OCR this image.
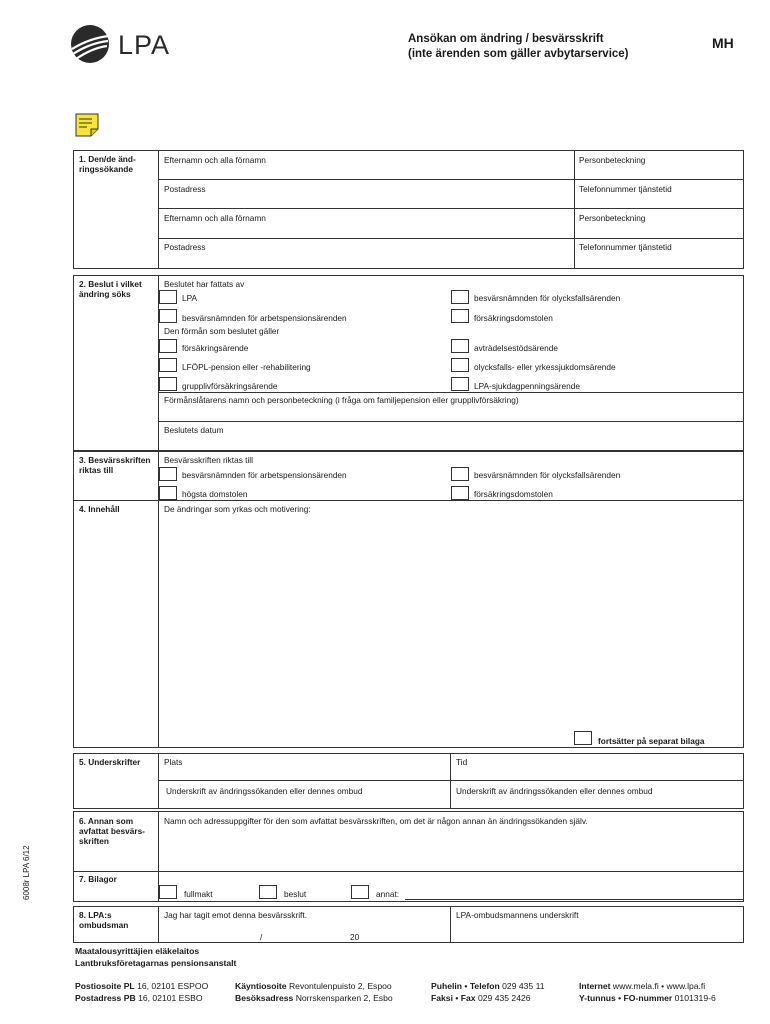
LPA	Ansökan om ändring / besvärsskrift
(inte ärenden som gäller avbytarservice)
MH
1. Den/de änd-ringssökande
Efternamn och alla förnamn	Personbeteckning
Postadress	Telefonnummer tjänstetid
Efternamn och alla förnamn	Personbeteckning
Postadress	Telefonnummer tjänstetid
2. Beslut i vilket ändring söks
Beslutet har fattats av
LPA	besvärsnämnden för olycksfallsärenden
besvärsnämnden för arbetspensionsärenden	försäkringsdomstolen
Den förmån som beslutet gäller
försäkringsärende	avträdelsestödsärende
LFÖPL-pension eller -rehabilitering	olycksfalls- eller yrkessjukdomsärende
grupplivförsäkringsärende	LPA-sjukdagpenningsärende
Förmånslåtarens namn och personbeteckning (i fråga om familjepension eller grupplivförsäkring)
Beslutets datum
3. Besvärsskriften riktas till
Besvärsskriften riktas till
besvärsnämnden för arbetspensionsärenden	besvärsnämnden för olycksfallsärenden
högsta domstolen	försäkringsdomstolen
4. Innehåll	De ändringar som yrkas och motivering:
fortsätter på separat bilaga
5. Underskrifter	Plats	Tid
Underskrift av ändringssökanden eller dennes ombud	Underskrift av ändringssökanden eller dennes ombud
6. Annan som avfattat besvärs-skriften
Namn och adressuppgifter för den som avfattat besvärsskriften, om det är någon annan än ändringssökanden själv.
7. Bilagor
fullmakt	beslut	annat:
8. LPA:s ombudsman
Jag har tagit emot denna besvärsskrift.	LPA-ombudsmannens underskrift
/	20
6008r LPA 6/12
Maatalousyrittäjien eläkelaitos
Lantbruksföretagarnas pensionsanstalt
Postiosoite PL 16, 02101 ESPOO
Postadress PB 16, 02101 ESBO
Käyntiosoite Revontulenpuisto 2, Espoo
Besöksadress Norrskensparken 2, Esbo
Puhelin • Telefon 029 435 11
Faksi • Fax 029 435 2426
Internet www.mela.fi • www.lpa.fi
Y-tunnus • FO-nummer 0101319-6
